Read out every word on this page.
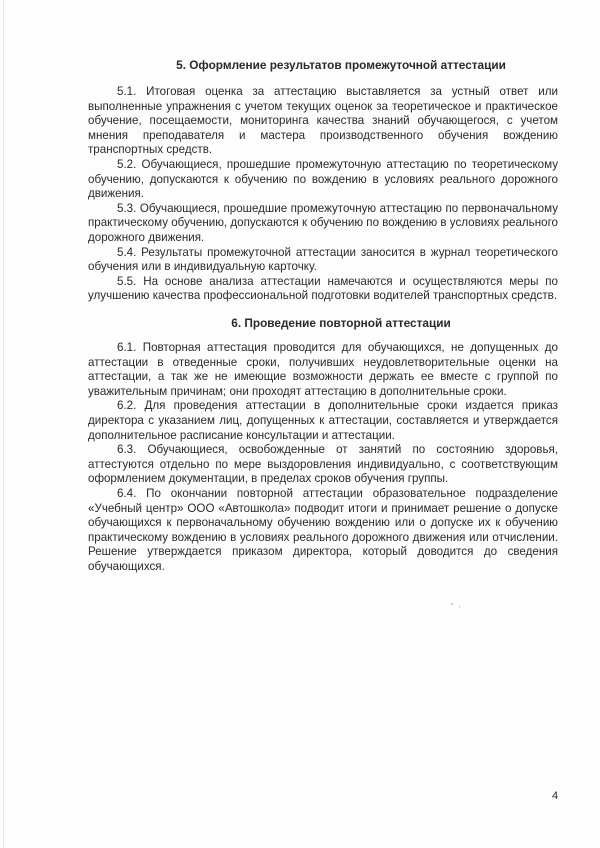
5. Оформление результатов промежуточной аттестации

5.1. Итоговая оценка за аттестацию выставляется за устный ответ или выполненные упражнения с учетом текущих оценок за теоретическое и практическое обучение, посещаемости, мониторинга качества знаний обучающегося, с учетом мнения преподавателя и мастера производственного обучения вождению транспортных средств.

5.2. Обучающиеся, прошедшие промежуточную аттестацию по теоретическому обучению, допускаются к обучению по вождению в условиях реального дорожного движения.

5.3. Обучающиеся, прошедшие промежуточную аттестацию по первоначальному практическому обучению, допускаются к обучению по вождению в условиях реального дорожного движения.

5.4. Результаты промежуточной аттестации заносится в журнал теоретического обучения или в индивидуальную карточку.

5.5. На основе анализа аттестации намечаются и осуществляются меры по улучшению качества профессиональной подготовки водителей транспортных средств.

6. Проведение повторной аттестации

6.1. Повторная аттестация проводится для обучающихся, не допущенных до аттестации в отведенные сроки, получивших неудовлетворительные оценки на аттестации, а так же не имеющие возможности держать ее вместе с группой по уважительным причинам; они проходят аттестацию в дополнительные сроки.

6.2. Для проведения аттестации в дополнительные сроки издается приказ директора с указанием лиц, допущенных к аттестации, составляется и утверждается дополнительное расписание консультации и аттестации.

6.3. Обучающиеся, освобожденные от занятий по состоянию здоровья, аттестуются отдельно по мере выздоровления индивидуально, с соответствующим оформлением документации, в пределах сроков обучения группы.

6.4. По окончании повторной аттестации образовательное подразделение «Учебный центр» ООО «Автошкола» подводит итоги и принимает решение о допуске обучающихся к первоначальному обучению вождению или о допуске их к обучению практическому вождению в условиях реального дорожного движения или отчислении. Решение утверждается приказом директора, который доводится до сведения обучающихся.

4
